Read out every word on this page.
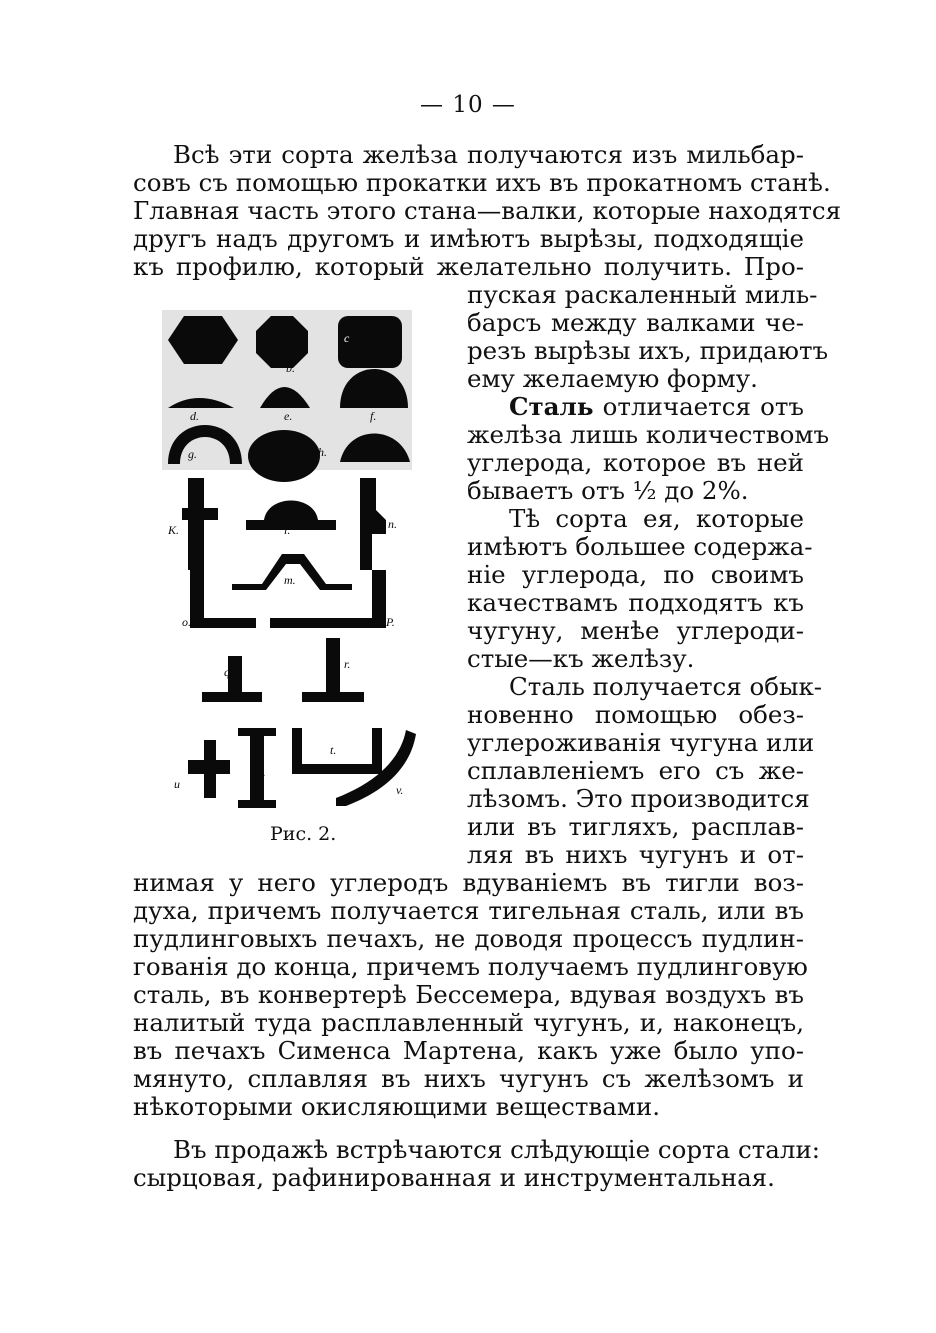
— 10 —
Всѣ эти сорта желѣза получаются изъ мильбар-
совъ съ помощью прокатки ихъ въ прокатномъ станѣ.
Главная часть этого стана—валки, которые находятся
другъ надъ другомъ и имѣютъ вырѣзы, подходящіе
къ профилю, который желательно получить. Про-
пуская раскаленный миль-
барсъ между валками че-
резъ вырѣзы ихъ, придаютъ
ему желаемую форму.
Сталь отличается отъ
желѣза лишь количествомъ
углерода, которое въ ней
бываетъ отъ ½ до 2%.
Тѣ сорта ея, которые
имѣютъ большее содержа-
ніе углерода, по своимъ
качествамъ подходятъ къ
чугуну, менѣе углероди-
стые—къ желѣзу.
Сталь получается обык-
новенно помощью обез-
углероживанія чугуна или
сплавленіемъ его съ же-
лѣзомъ. Это производится
или въ тигляхъ, расплав-
ляя въ нихъ чугунъ и от-
нимая у него углеродъ вдуваніемъ въ тигли воз-
духа, причемъ получается тигельная сталь, или въ
пудлинговыхъ печахъ, не доводя процессъ пудлин-
гованія до конца, причемъ получаемъ пудлинговую
сталь, въ конвертерѣ Бессемера, вдувая воздухъ въ
налитый туда расплавленный чугунъ, и, наконецъ,
въ печахъ Сименса Мартена, какъ уже было упо-
мянуто, сплавляя въ нихъ чугунъ съ желѣзомъ и
нѣкоторыми окисляющими веществами.
Въ продажѣ встрѣчаются слѣдующіе сорта стали:
сырцовая, рафинированная и инструментальная.
a.	c
b.
d.	e.	f.
g.	h.	i.
K.	l.	n.
m.
o.	P.
q.
r.
u
s.
t.
v.
Рис. 2.
